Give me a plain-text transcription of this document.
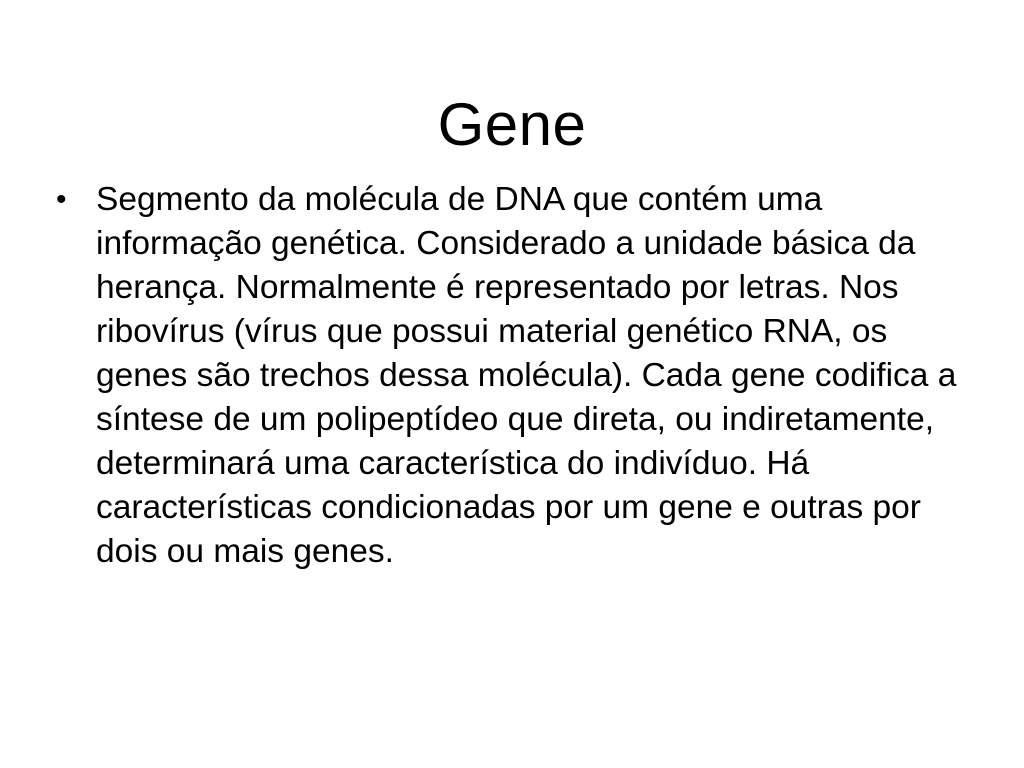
Gene
• Segmento da molécula de DNA que contém uma informação genética. Considerado a unidade básica da herança. Normalmente é representado por letras. Nos ribovírus (vírus que possui material genético RNA, os genes são trechos dessa molécula). Cada gene codifica a síntese de um polipeptídeo que direta, ou indiretamente, determinará uma característica do indivíduo. Há características condicionadas por um gene e outras por dois ou mais genes.
